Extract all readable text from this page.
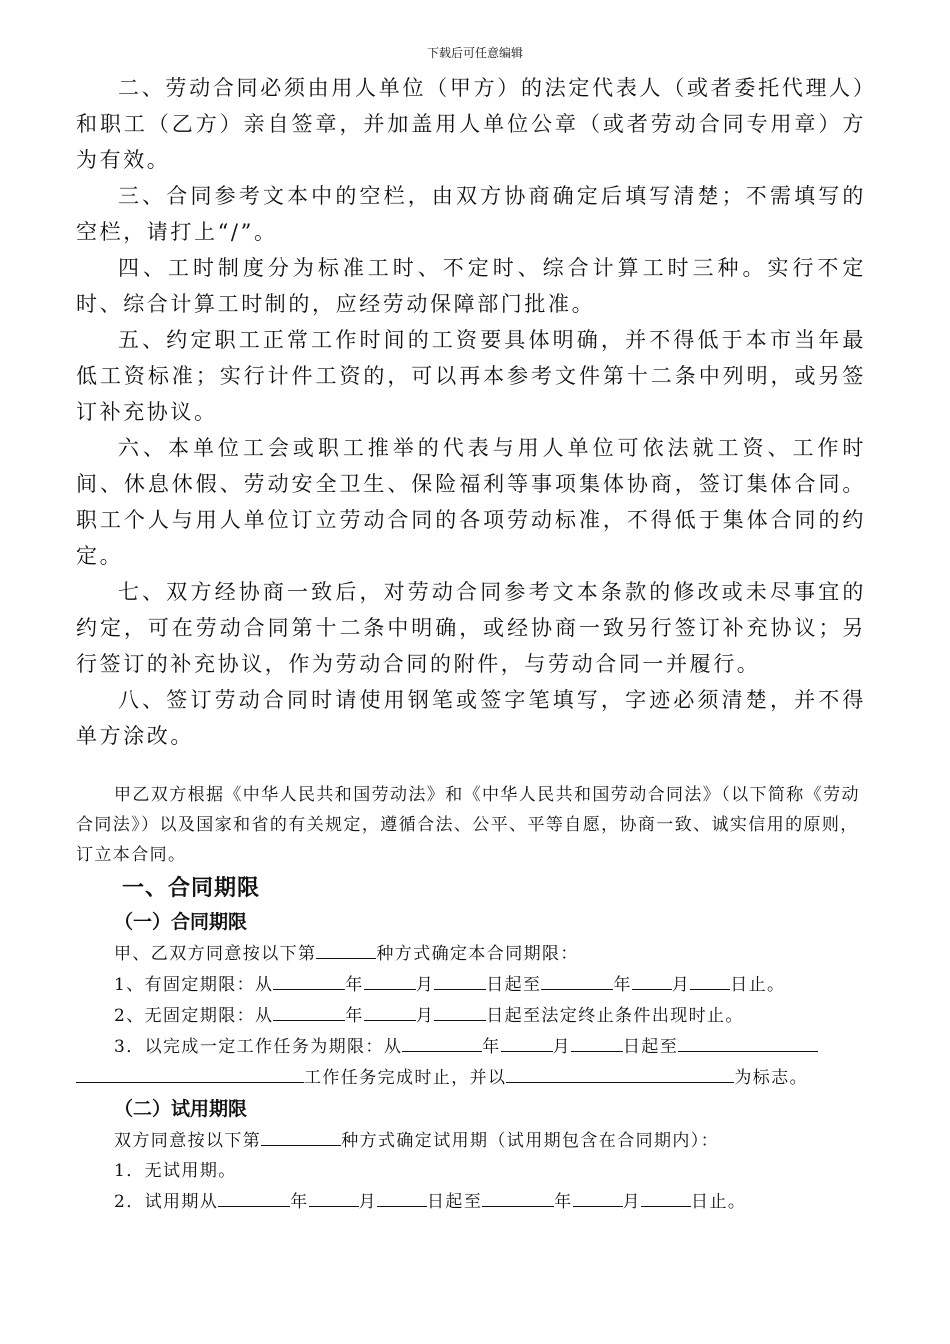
下载后可任意编辑

二、劳动合同必须由用人单位（甲方）的法定代表人（或者委托代理人）和职工（乙方）亲自签章，并加盖用人单位公章（或者劳动合同专用章）方为有效。

三、合同参考文本中的空栏，由双方协商确定后填写清楚；不需填写的空栏，请打上“/”。

四、工时制度分为标准工时、不定时、综合计算工时三种。实行不定时、综合计算工时制的，应经劳动保障部门批准。

五、约定职工正常工作时间的工资要具体明确，并不得低于本市当年最低工资标准；实行计件工资的，可以再本参考文件第十二条中列明，或另签订补充协议。

六、本单位工会或职工推举的代表与用人单位可依法就工资、工作时间、休息休假、劳动安全卫生、保险福利等事项集体协商，签订集体合同。职工个人与用人单位订立劳动合同的各项劳动标准，不得低于集体合同的约定。

七、双方经协商一致后，对劳动合同参考文本条款的修改或未尽事宜的约定，可在劳动合同第十二条中明确，或经协商一致另行签订补充协议；另行签订的补充协议，作为劳动合同的附件，与劳动合同一并履行。

八、签订劳动合同时请使用钢笔或签字笔填写，字迹必须清楚，并不得单方涂改。

甲乙双方根据《中华人民共和国劳动法》和《中华人民共和国劳动合同法》（以下简称《劳动合同法》）以及国家和省的有关规定，遵循合法、公平、平等自愿，协商一致、诚实信用的原则，订立本合同。

一、合同期限
（一）合同期限

甲、乙双方同意按以下第	种方式确定本合同期限：

1、有固定期限：从	年	月	日起至	年 月 日止。

2、无固定期限：从	年	月	日起至法定终止条件出现时止。

3．以完成一定工作任务为期限：从	年	月	日起至

工作任务完成时止，并以	为标志。

（二）试用期限

双方同意按以下第	种方式确定试用期（试用期包含在合同期内）：

1．无试用期。

2．试用期从	年	月	日起至	年	月	日止。
